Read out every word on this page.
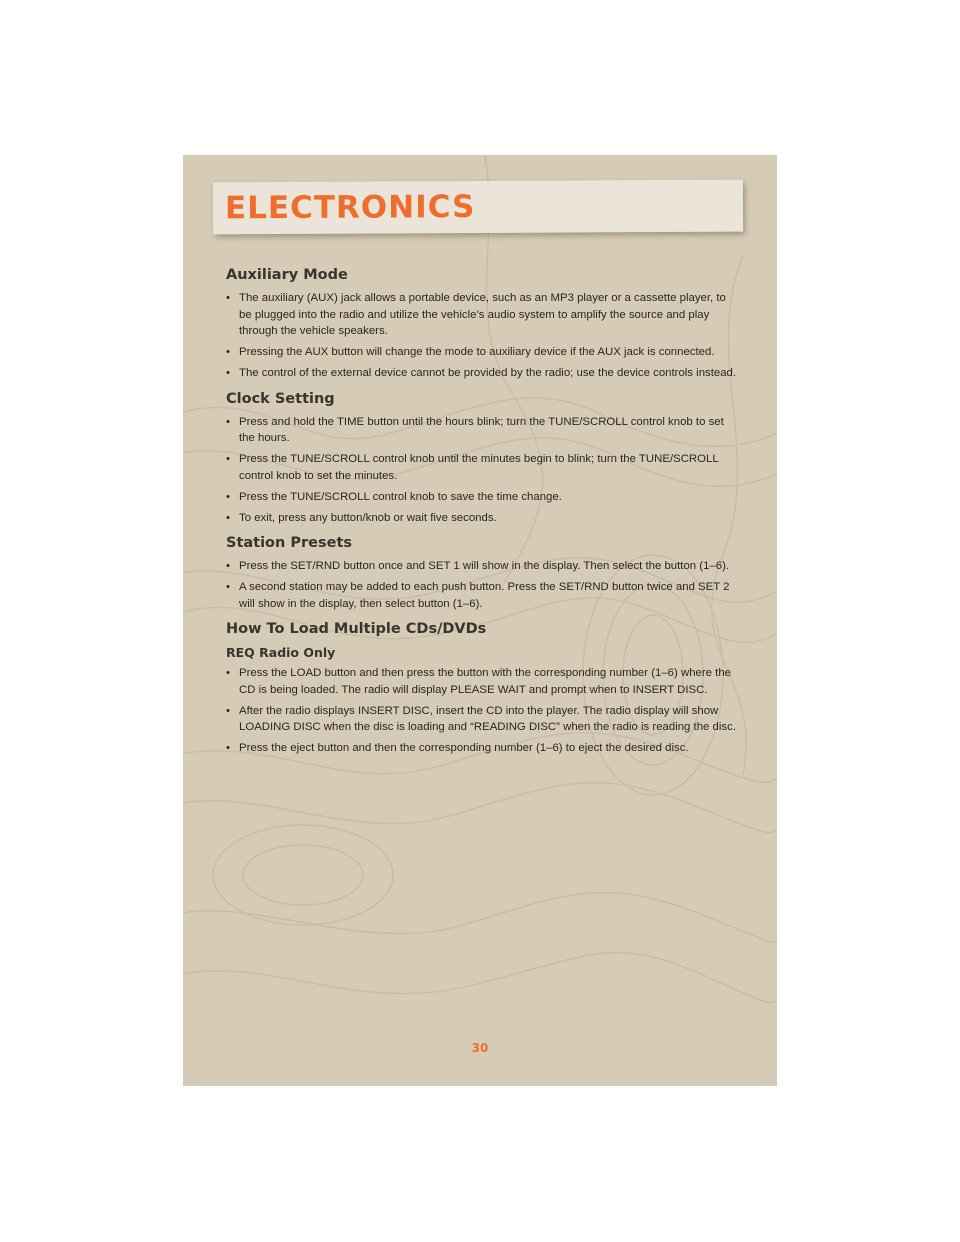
ELECTRONICS
Auxiliary Mode
• The auxiliary (AUX) jack allows a portable device, such as an MP3 player or a cassette player, to be plugged into the radio and utilize the vehicle’s audio system to amplify the source and play through the vehicle speakers.
• Pressing the AUX button will change the mode to auxiliary device if the AUX jack is connected.
• The control of the external device cannot be provided by the radio; use the device controls instead.
Clock Setting
• Press and hold the TIME button until the hours blink; turn the TUNE/SCROLL control knob to set the hours.
• Press the TUNE/SCROLL control knob until the minutes begin to blink; turn the TUNE/SCROLL control knob to set the minutes.
• Press the TUNE/SCROLL control knob to save the time change.
• To exit, press any button/knob or wait five seconds.
Station Presets
• Press the SET/RND button once and SET 1 will show in the display. Then select the button (1–6).
• A second station may be added to each push button. Press the SET/RND button twice and SET 2 will show in the display, then select button (1–6).
How To Load Multiple CDs/DVDs
REQ Radio Only
• Press the LOAD button and then press the button with the corresponding number (1–6) where the CD is being loaded. The radio will display PLEASE WAIT and prompt when to INSERT DISC.
• After the radio displays INSERT DISC, insert the CD into the player. The radio display will show LOADING DISC when the disc is loading and “READING DISC” when the radio is reading the disc.
• Press the eject button and then the corresponding number (1–6) to eject the desired disc.
30
